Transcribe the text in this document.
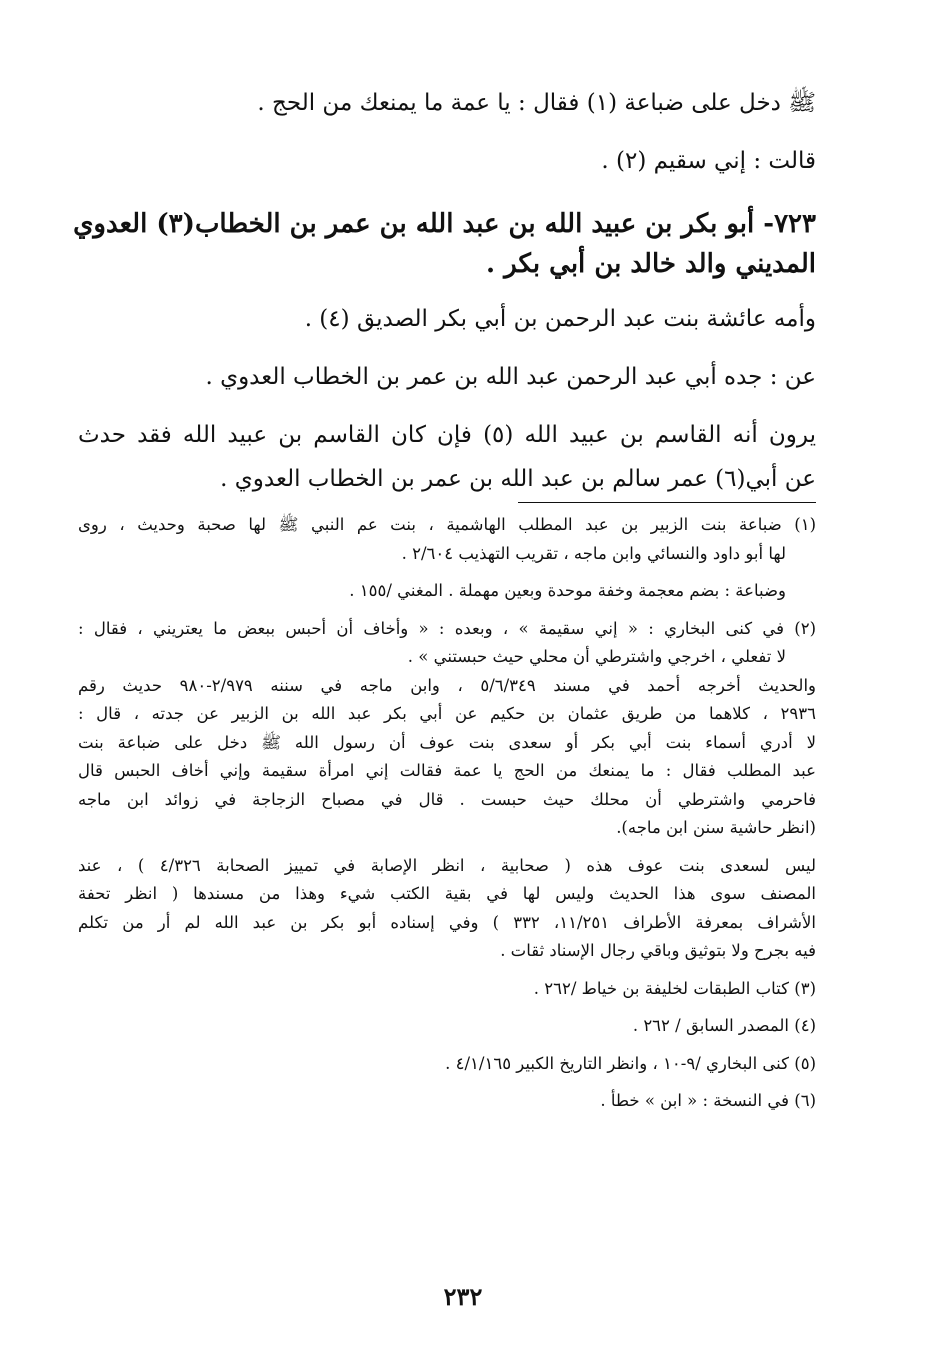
ﷺ دخل على ضباعة (١) فقال : يا عمة ما يمنعك من الحج .

قالت : إني سقيم (٢) .

٧٢٣- أبو بكر بن عبيد الله بن عبد الله بن عمر بن الخطاب(٣) العدوي

المديني والد خالد بن أبي بكر .

وأمه عائشة بنت عبد الرحمن بن أبي بكر الصديق (٤) .

عن : جده أبي عبد الرحمن عبد الله بن عمر بن الخطاب العدوي .

يرون أنه القاسم بن عبيد الله (٥) فإن كان القاسم بن عبيد الله فقد حدث

عن أبي(٦) عمر سالم بن عبد الله بن عمر بن الخطاب العدوي .

(١) ضباعة بنت الزبير بن عبد المطلب الهاشمية ، بنت عم النبي ﷺ لها صحبة وحديث ، روى

لها أبو داود والنسائي وابن ماجه ، تقريب التهذيب ٢/٦٠٤ .

وضباعة : بضم معجمة وخفة موحدة وبعين مهملة . المغني /١٥٥ .

(٢) في كنى البخاري : « إني سقيمة » ، وبعده : « وأخاف أن أحبس ببعض ما يعتريني ، فقال :

لا تفعلي ، اخرجي واشترطي أن محلي حيث حبستني » .

والحديث أخرجه أحمد في مسند ٥/٦/٣٤٩ ، وابن ماجه في سننه ٢/٩٧٩-٩٨٠ حديث رقم

٢٩٣٦ ، كلاهما من طريق عثمان بن حكيم عن أبي بكر عبد الله بن الزبير عن جدته ، قال :

لا أدري أسماء بنت أبي بكر أو سعدى بنت عوف أن رسول الله ﷺ دخل على ضباعة بنت

عبد المطلب فقال : ما يمنعك من الحج يا عمة فقالت إني امرأة سقيمة وإني أخاف الحبس قال

فاحرمي واشترطي أن محلك حيث حبست . قال في مصباح الزجاجة في زوائد ابن ماجه

(انظر حاشية سنن ابن ماجه).

ليس لسعدى بنت عوف هذه ( صحابية ، انظر الإصابة في تمييز الصحابة ٤/٣٢٦ ) ، عند

المصنف سوى هذا الحديث وليس لها في بقية الكتب شيء وهذا من مسندها ( انظر تحفة

الأشراف بمعرفة الأطراف ١١/٢٥١، ٣٣٢ ) وفي إسناده أبو بكر بن عبد الله لم أر من تكلم

فيه بجرح ولا بتوثيق وباقي رجال الإسناد ثقات .

(٣) كتاب الطبقات لخليفة بن خياط /٢٦٢ .

(٤) المصدر السابق / ٢٦٢ .

(٥) كنى البخاري /٩-١٠ ، وانظر التاريخ الكبير ٤/١/١٦٥ .

(٦) في النسخة : « ابن » خطأ .

٢٣٢
